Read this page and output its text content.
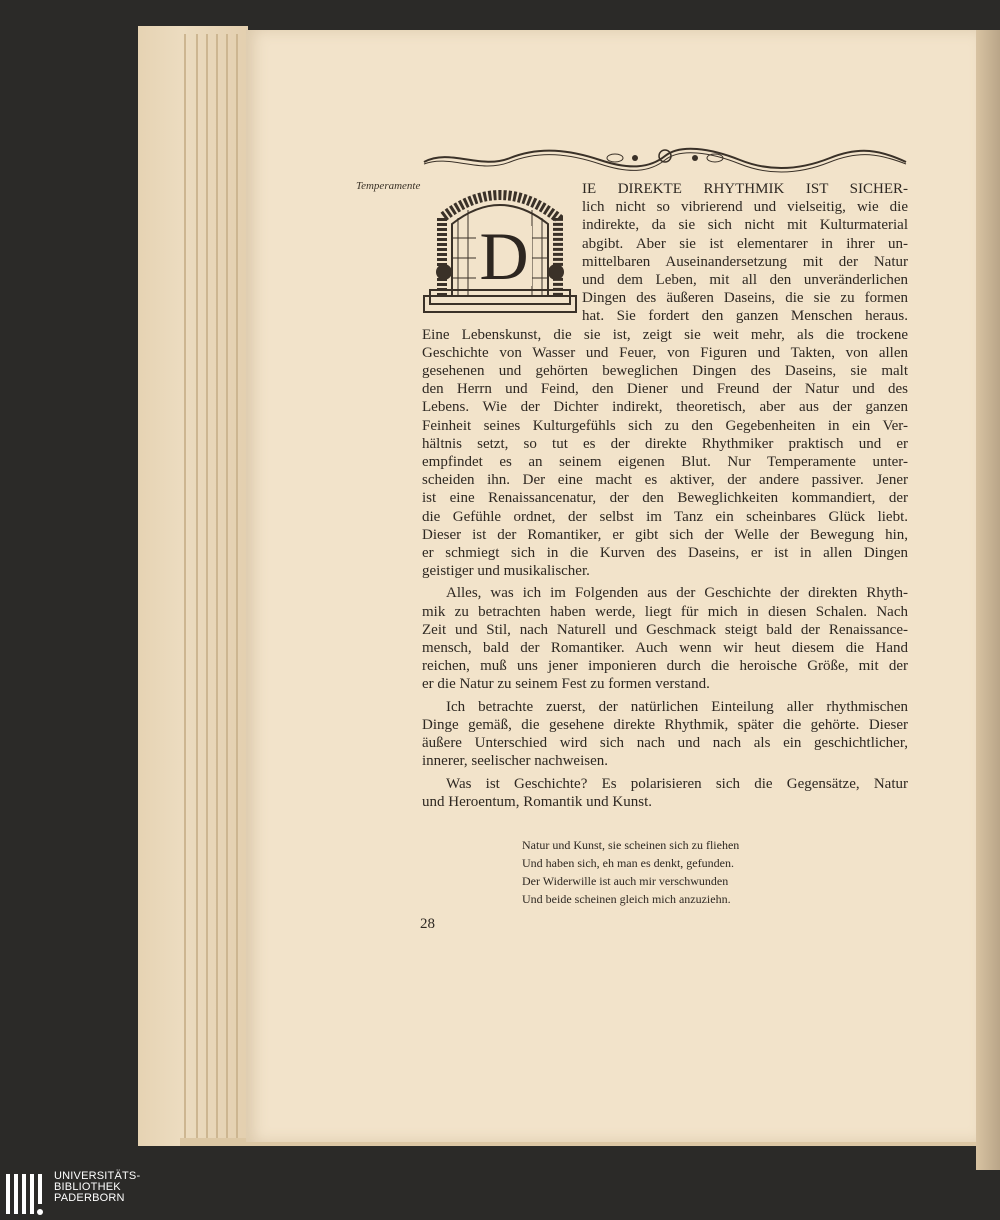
Temperamente
D
IE DIREKTE RHYTHMIK IST SICHER-
lich nicht so vibrierend und vielseitig, wie die
indirekte, da sie sich nicht mit Kulturmaterial
abgibt. Aber sie ist elementarer in ihrer un-
mittelbaren Auseinandersetzung mit der Natur
und dem Leben, mit all den unveränderlichen
Dingen des äußeren Daseins, die sie zu formen
hat. Sie fordert den ganzen Menschen heraus.
Eine Lebenskunst, die sie ist, zeigt sie weit mehr, als die trockene
Geschichte von Wasser und Feuer, von Figuren und Takten, von allen
gesehenen und gehörten beweglichen Dingen des Daseins, sie malt
den Herrn und Feind, den Diener und Freund der Natur und des
Lebens. Wie der Dichter indirekt, theoretisch, aber aus der ganzen
Feinheit seines Kulturgefühls sich zu den Gegebenheiten in ein Ver-
hältnis setzt, so tut es der direkte Rhythmiker praktisch und er
empfindet es an seinem eigenen Blut. Nur Temperamente unter-
scheiden ihn. Der eine macht es aktiver, der andere passiver. Jener
ist eine Renaissancenatur, der den Beweglichkeiten kommandiert, der
die Gefühle ordnet, der selbst im Tanz ein scheinbares Glück liebt.
Dieser ist der Romantiker, er gibt sich der Welle der Bewegung hin,
er schmiegt sich in die Kurven des Daseins, er ist in allen Dingen
geistiger und musikalischer.
Alles, was ich im Folgenden aus der Geschichte der direkten Rhyth-
mik zu betrachten haben werde, liegt für mich in diesen Schalen. Nach
Zeit und Stil, nach Naturell und Geschmack steigt bald der Renaissance-
mensch, bald der Romantiker. Auch wenn wir heut diesem die Hand
reichen, muß uns jener imponieren durch die heroische Größe, mit der
er die Natur zu seinem Fest zu formen verstand.
Ich betrachte zuerst, der natürlichen Einteilung aller rhythmischen
Dinge gemäß, die gesehene direkte Rhythmik, später die gehörte. Dieser
äußere Unterschied wird sich nach und nach als ein geschichtlicher,
innerer, seelischer nachweisen.
Was ist Geschichte? Es polarisieren sich die Gegensätze, Natur
und Heroentum, Romantik und Kunst.
Natur und Kunst, sie scheinen sich zu fliehen
Und haben sich, eh man es denkt, gefunden.
Der Widerwille ist auch mir verschwunden
Und beide scheinen gleich mich anzuziehn.
28
UNIVERSITÄTS-
BIBLIOTHEK
PADERBORN
